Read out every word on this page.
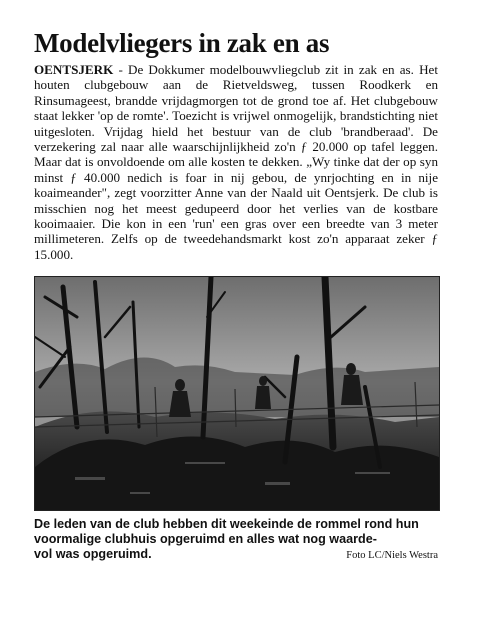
Modelvliegers in zak en as

OENTSJERK - De Dokkumer modelbouwvliegclub zit in zak en as. Het houten clubgebouw aan de Rietveldsweg, tussen Roodkerk en Rinsumageest, brandde vrijdagmorgen tot de grond toe af. Het clubgebouw staat lekker 'op de romte'. Toezicht is vrijwel onmogelijk, brandstichting niet uitgesloten. Vrijdag hield het bestuur van de club 'brandberaad'. De verzekering zal naar alle waarschijnlijkheid zo'n ƒ 20.000 op tafel leggen. Maar dat is onvoldoende om alle kosten te dekken. „Wy tinke dat der op syn minst ƒ 40.000 nedich is foar in nij gebou, de ynrjochting en in nije koaimeander", zegt voorzitter Anne van der Naald uit Oentsjerk. De club is misschien nog het meest gedupeerd door het verlies van de kostbare kooimaaier. Die kon in een 'run' een gras over een breedte van 3 meter millimeteren. Zelfs op de tweedehandsmarkt kost zo'n apparaat zeker ƒ 15.000.

De leden van de club hebben dit weekeinde de rommel rond hun voormalige clubhuis opgeruimd en alles wat nog waarde-
vol was opgeruimd.	Foto LC/Niels Westra
